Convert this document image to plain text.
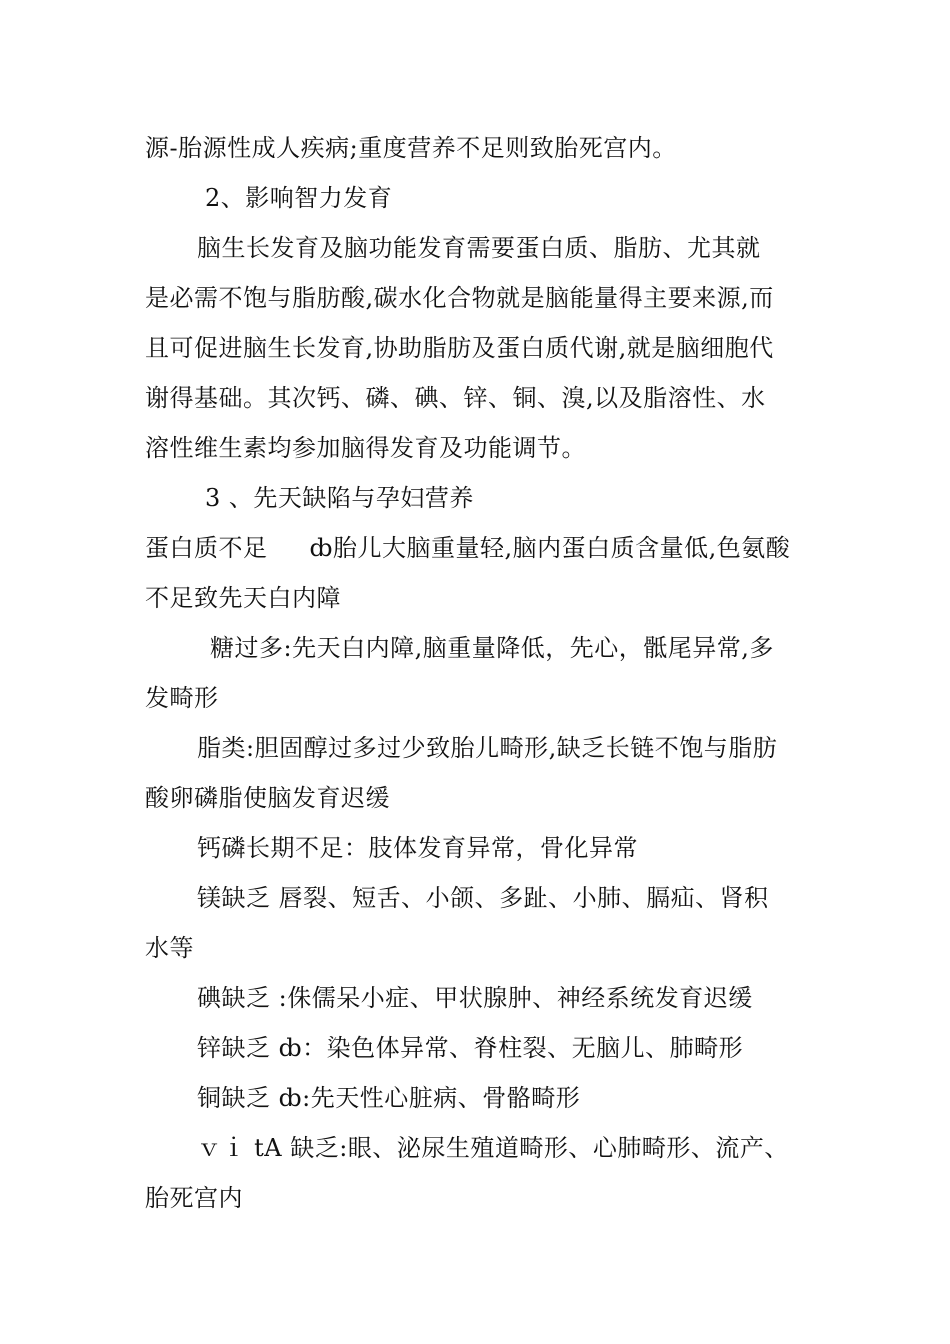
源-胎源性成人疾病;重度营养不足则致胎死宫内。
2、影响智力发育
脑生长发育及脑功能发育需要蛋白质、脂肪、尤其就
是必需不饱与脂肪酸,碳水化合物就是脑能量得主要来源,而
且可促进脑生长发育,协助脂肪及蛋白质代谢,就是脑细胞代
谢得基础。其次钙、磷、碘、锌、铜、溴,以及脂溶性、水
溶性维生素均参加脑得发育及功能调节。
3 、先天缺陷与孕妇营养
蛋白质不足 ȸ胎儿大脑重量轻,脑内蛋白质含量低,色氨酸
不足致先天白内障
糖过多:先天白内障,脑重量降低，先心，骶尾异常,多
发畸形
脂类:胆固醇过多过少致胎儿畸形,缺乏长链不饱与脂肪
酸卵磷脂使脑发育迟缓
钙磷长期不足：肢体发育异常，骨化异常
镁缺乏 唇裂、短舌、小颌、多趾、小肺、膈疝、肾积
水等
碘缺乏 :侏儒呆小症、甲状腺肿、神经系统发育迟缓
锌缺乏 ȸ：染色体异常、脊柱裂、无脑儿、肺畸形
铜缺乏 ȸ:先天性心脏病、骨骼畸形
ｖｉ tA 缺乏:眼、泌尿生殖道畸形、心肺畸形、流产、
胎死宫内
